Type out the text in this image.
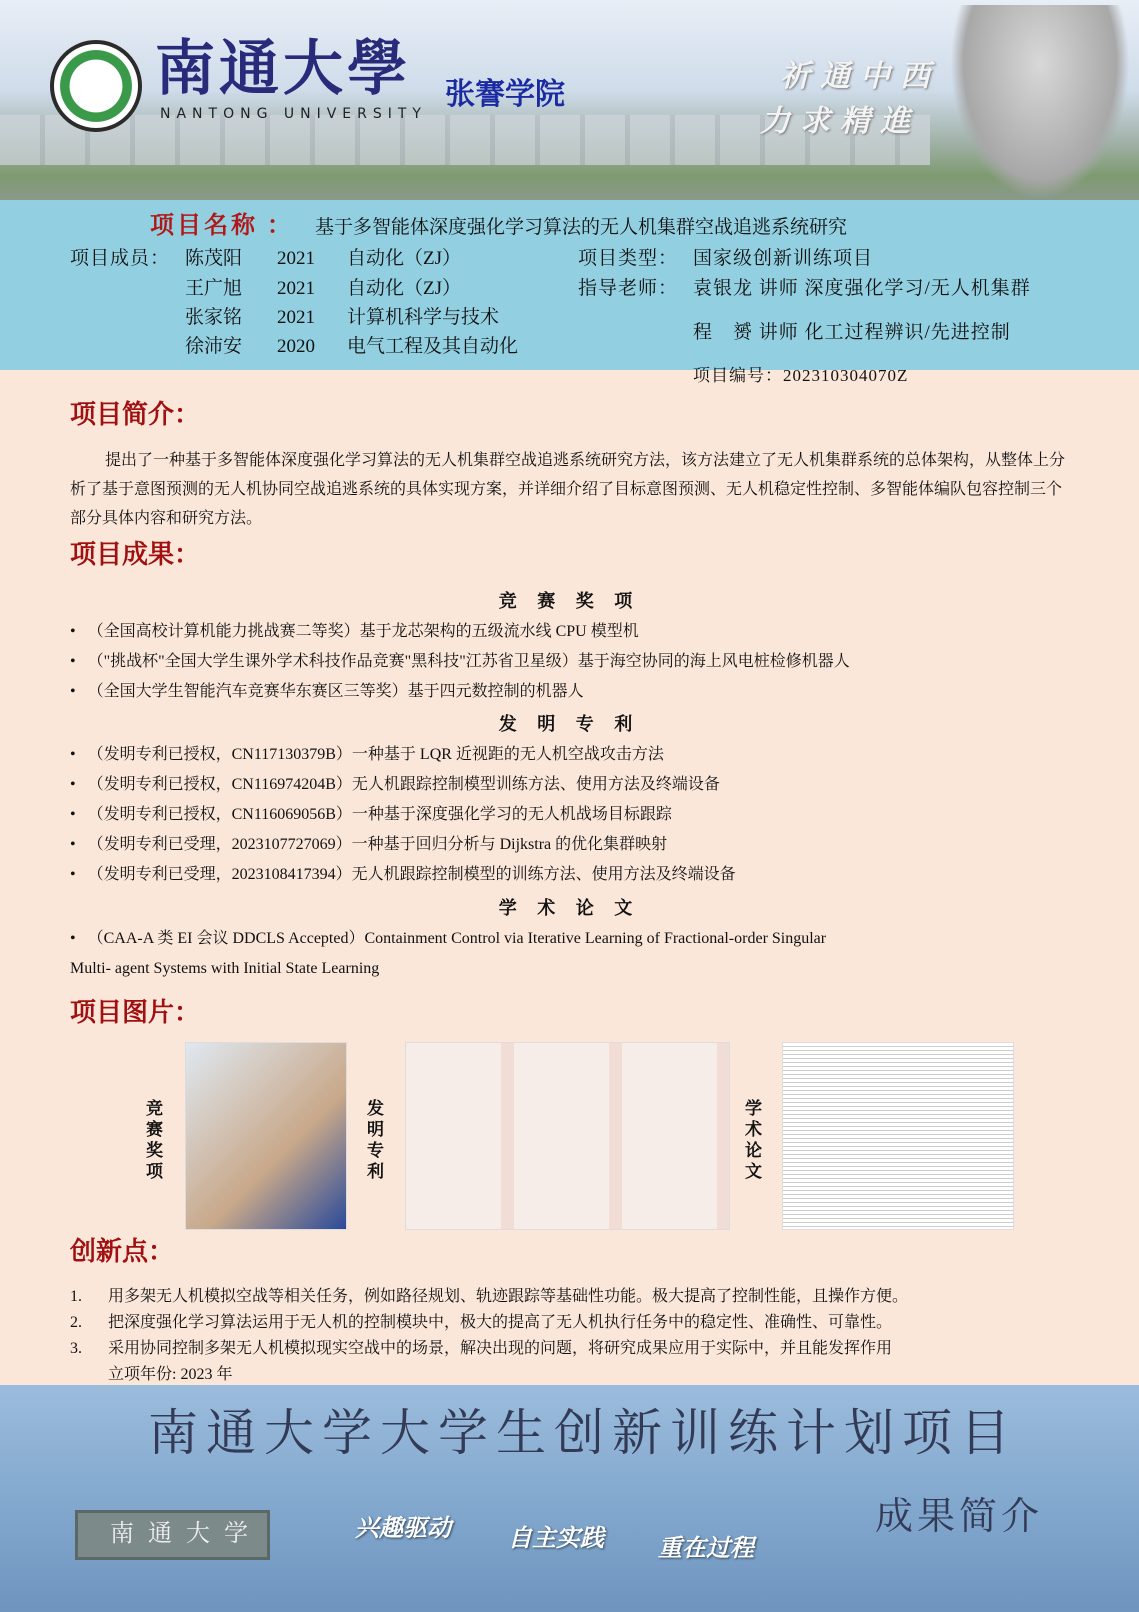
南通大學
NANTONG UNIVERSITY
张謇学院
祈通中西
力求精進
项目名称 ： 基于多智能体深度强化学习算法的无人机集群空战追逃系统研究
项目成员： 陈茂阳	2021	自动化（ZJ）
王广旭	2021	自动化（ZJ）
张家铭	2021	计算机科学与技术
徐沛安	2020	电气工程及其自动化
项目类型： 国家级创新训练项目
指导老师： 袁银龙 讲师 深度强化学习/无人机集群
程　赟 讲师 化工过程辨识/先进控制
项目编号：202310304070Z
项目简介：
提出了一种基于多智能体深度强化学习算法的无人机集群空战追逃系统研究方法，该方法建立了无人机集群系统的总体架构，从整体上分析了基于意图预测的无人机协同空战追逃系统的具体实现方案，并详细介绍了目标意图预测、无人机稳定性控制、多智能体编队包容控制三个部分具体内容和研究方法。
项目成果：
竞 赛 奖 项
• （全国高校计算机能力挑战赛二等奖）基于龙芯架构的五级流水线 CPU 模型机
• （"挑战杯"全国大学生课外学术科技作品竞赛"黑科技"江苏省卫星级）基于海空协同的海上风电桩检修机器人
• （全国大学生智能汽车竞赛华东赛区三等奖）基于四元数控制的机器人
发 明 专 利
• （发明专利已授权，CN117130379B）一种基于 LQR 近视距的无人机空战攻击方法
• （发明专利已授权，CN116974204B）无人机跟踪控制模型训练方法、使用方法及终端设备
• （发明专利已授权，CN116069056B）一种基于深度强化学习的无人机战场目标跟踪
• （发明专利已受理，2023107727069）一种基于回归分析与 Dijkstra 的优化集群映射
• （发明专利已受理，2023108417394）无人机跟踪控制模型的训练方法、使用方法及终端设备
学 术 论 文
• （CAA-A 类 EI 会议 DDCLS Accepted）Containment Control via Iterative Learning of Fractional-order Singular
Multi- agent Systems with Initial State Learning
项目图片：
竞赛奖项
发明专利
学术论文
创新点：
1.	用多架无人机模拟空战等相关任务，例如路径规划、轨迹跟踪等基础性功能。极大提高了控制性能，且操作方便。
2.	把深度强化学习算法运用于无人机的控制模块中，极大的提高了无人机执行任务中的稳定性、准确性、可靠性。
3.	采用协同控制多架无人机模拟现实空战中的场景，解决出现的问题，将研究成果应用于实际中，并且能发挥作用
立项年份: 2023 年
南通大学大学生创新训练计划项目
兴趣驱动 自主实践 重在过程
成果简介
南通大学
